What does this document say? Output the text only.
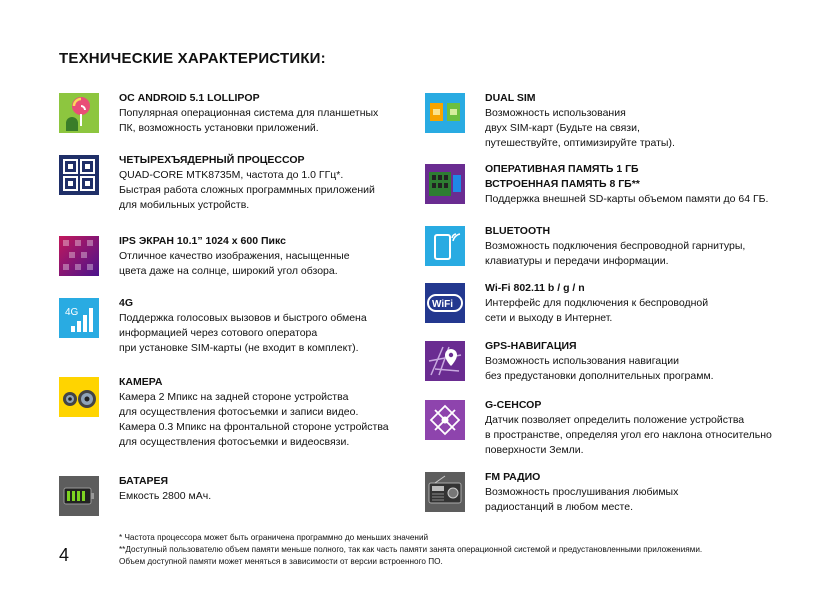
ТЕХНИЧЕСКИЕ ХАРАКТЕРИСТИКИ:
ОС ANDROID 5.1 LOLLIPOP
Популярная операционная система для планшетных
ПК, возможность установки приложений.
ЧЕТЫРЕХЪЯДЕРНЫЙ ПРОЦЕССОР
QUAD-CORE MTK8735M, частота до 1.0 ГГц*.
Быстрая работа сложных программных приложений
для мобильных устройств.
IPS ЭКРАН 10.1” 1024 x 600 Пикс
Отличное качество изображения, насыщенные
цвета даже на солнце, широкий угол обзора.
4G
4G
Поддержка голосовых вызовов и быстрого обмена
информацией через сотового оператора
при установке SIM-карты (не входит в комплект).
КАМЕРА
Камера 2 Мпикс на задней стороне устройства
для осуществления фотосъемки и записи видео.
Камера 0.3 Мпикс на фронтальной стороне устройства
для осуществления фотосъемки и видеосвязи.
БАТАРЕЯ
Емкость 2800 мАч.
DUAL SIM
Возможность использования
двух SIM-карт (Будьте на связи,
путешествуйте, оптимизируйте траты).
ОПЕРАТИВНАЯ ПАМЯТЬ 1 ГБ
ВСТРОЕННАЯ ПАМЯТЬ 8 ГБ**
Поддержка внешней SD-карты объемом памяти до 64 ГБ.
BLUETOOTH
Возможность подключения беспроводной гарнитуры,
клавиатуры и передачи информации.
WiFi
Wi-Fi 802.11 b / g / n
Интерфейс для подключения к беспроводной
сети и выходу в Интернет.
GPS-НАВИГАЦИЯ
Возможность использования навигации
без предустановки дополнительных программ.
G-СЕНСОР
Датчик позволяет определить положение устройства
в пространстве, определяя угол его наклона относительно
поверхности Земли.
FM РАДИО
Возможность прослушивания любимых
радиостанций в любом месте.
* Частота процессора может быть ограничена программно до меньших значений
**Доступный пользователю объем памяти меньше полного, так как часть памяти занята операционной системой и предустановленными приложениями.
Объем доступной памяти может меняться в зависимости от версии встроенного ПО.
4
